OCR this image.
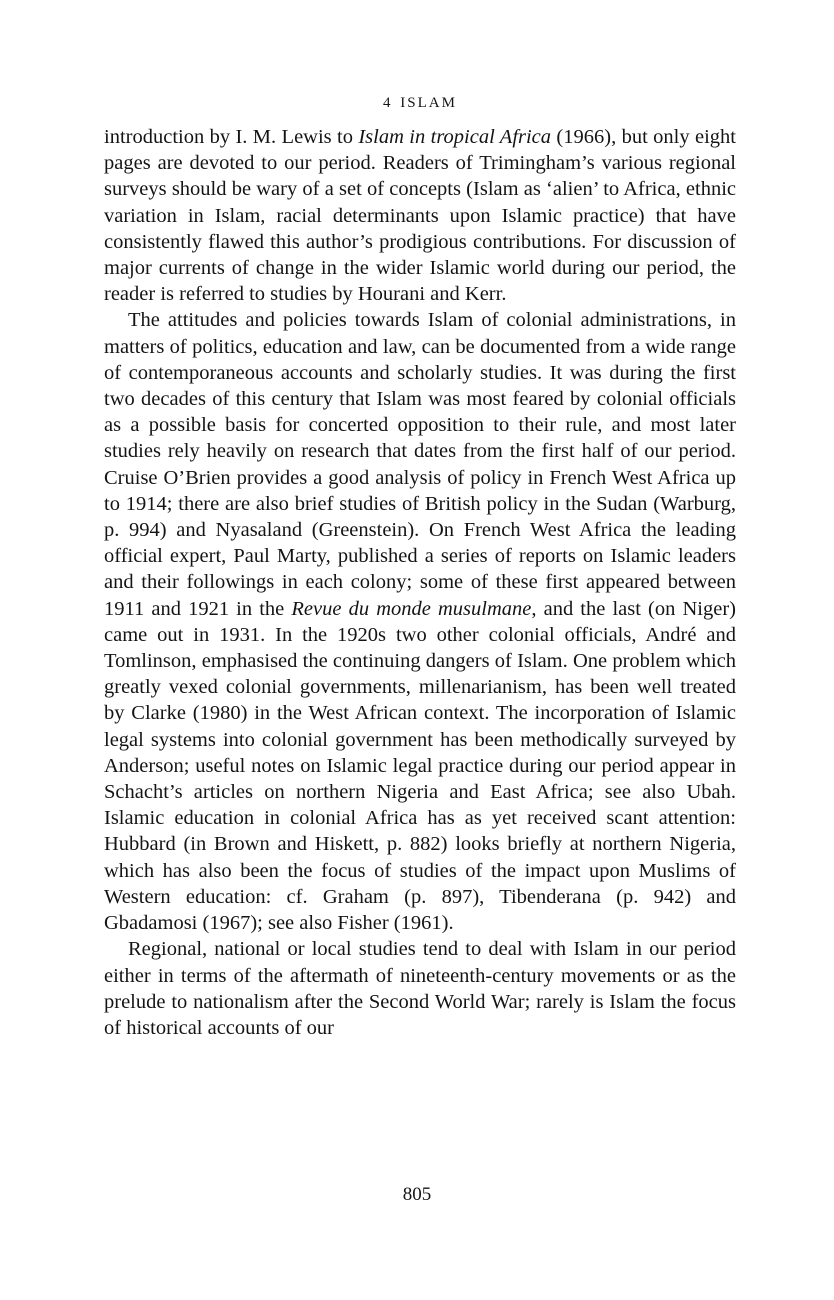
4 ISLAM

introduction by I. M. Lewis to Islam in tropical Africa (1966), but only eight pages are devoted to our period. Readers of Trimingham’s various regional surveys should be wary of a set of concepts (Islam as ‘alien’ to Africa, ethnic variation in Islam, racial determinants upon Islamic practice) that have consistently flawed this author’s prodigious contributions. For discussion of major currents of change in the wider Islamic world during our period, the reader is referred to studies by Hourani and Kerr.

The attitudes and policies towards Islam of colonial administrations, in matters of politics, education and law, can be documented from a wide range of contemporaneous accounts and scholarly studies. It was during the first two decades of this century that Islam was most feared by colonial officials as a possible basis for concerted opposition to their rule, and most later studies rely heavily on research that dates from the first half of our period. Cruise O’Brien provides a good analysis of policy in French West Africa up to 1914; there are also brief studies of British policy in the Sudan (Warburg, p. 994) and Nyasaland (Greenstein). On French West Africa the leading official expert, Paul Marty, published a series of reports on Islamic leaders and their followings in each colony; some of these first appeared between 1911 and 1921 in the Revue du monde musulmane, and the last (on Niger) came out in 1931. In the 1920s two other colonial officials, André and Tomlinson, emphasised the continuing dangers of Islam. One problem which greatly vexed colonial governments, millenarianism, has been well treated by Clarke (1980) in the West African context. The incorporation of Islamic legal systems into colonial government has been methodically surveyed by Anderson; useful notes on Islamic legal practice during our period appear in Schacht’s articles on northern Nigeria and East Africa; see also Ubah. Islamic education in colonial Africa has as yet received scant attention: Hubbard (in Brown and Hiskett, p. 882) looks briefly at northern Nigeria, which has also been the focus of studies of the impact upon Muslims of Western education: cf. Graham (p. 897), Tibenderana (p. 942) and Gbadamosi (1967); see also Fisher (1961).

Regional, national or local studies tend to deal with Islam in our period either in terms of the aftermath of nineteenth-century movements or as the prelude to nationalism after the Second World War; rarely is Islam the focus of historical accounts of our

805
